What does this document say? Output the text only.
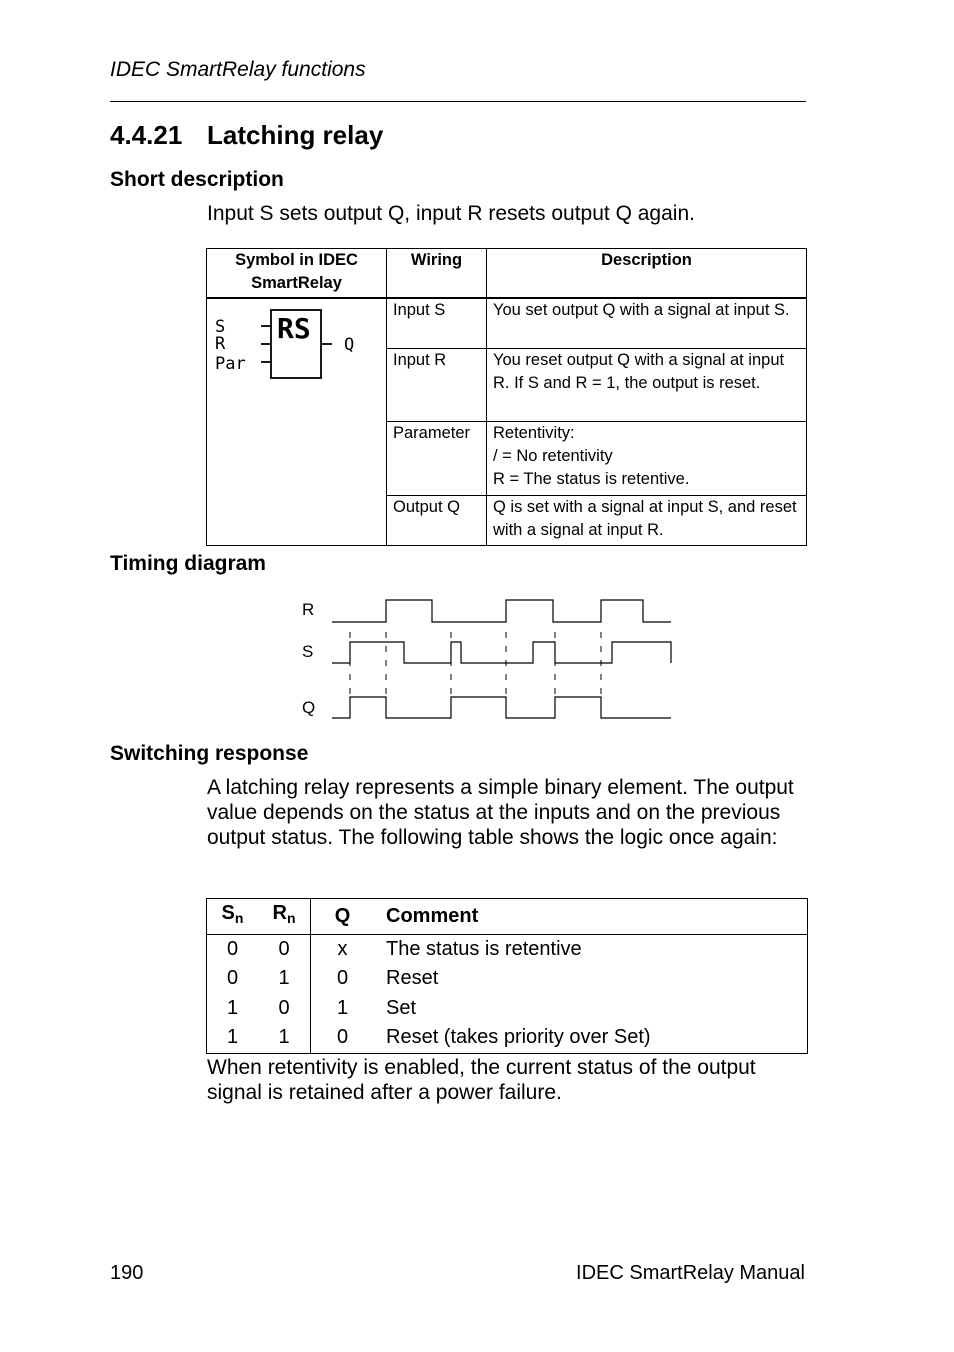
IDEC SmartRelay functions
4.4.21 Latching relay
Short description
Input S sets output Q, input R resets output Q again.
Symbol in IDEC SmartRelay	Wiring	Description

RS
S
R
Par
Q	Input S	You set output Q with a signal at input S.
	Input R	You reset output Q with a signal at input R. If S and R = 1, the output is reset.
	Parameter	Retentivity:
/ = No retentivity
R = The status is retentive.

	Output Q	Q is set with a signal at input S, and reset with a signal at input R.
Timing diagram
R
S
Q
Switching response
A latching relay represents a simple binary element. The output value depends on the status at the inputs and on the previous output status. The following table shows the logic once again:
$S_n$	$R_n$	Q	Comment
0	0	x	The status is retentive
0	1	0	Reset
1	0	1	Set
1	1	0	Reset (takes priority over Set)
When retentivity is enabled, the current status of the output signal is retained after a power failure.
190	IDEC SmartRelay Manual
